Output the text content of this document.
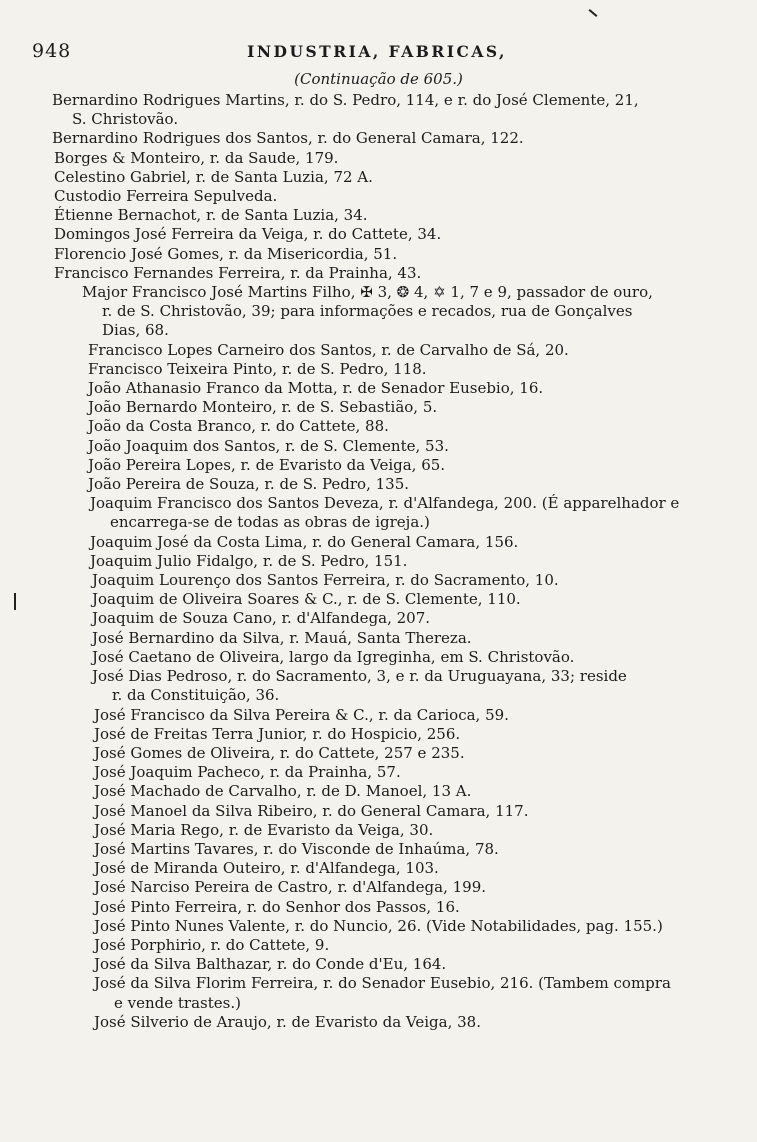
948	INDUSTRIA, FABRICAS,
(Continuação de 605.)
Bernardino Rodrigues Martins, r. do S. Pedro, 114, e r. do José Clemente, 21,
S. Christovão.
Bernardino Rodrigues dos Santos, r. do General Camara, 122.
Borges & Monteiro, r. da Saude, 179.
Celestino Gabriel, r. de Santa Luzia, 72 A.
Custodio Ferreira Sepulveda.
Étienne Bernachot, r. de Santa Luzia, 34.
Domingos José Ferreira da Veiga, r. do Cattete, 34.
Florencio José Gomes, r. da Misericordia, 51.
Francisco Fernandes Ferreira, r. da Prainha, 43.
Major Francisco José Martins Filho, ✠ 3, ❂ 4, ✡ 1, 7 e 9, passador de ouro,
r. de S. Christovão, 39; para informações e recados, rua de Gonçalves
Dias, 68.
Francisco Lopes Carneiro dos Santos, r. de Carvalho de Sá, 20.
Francisco Teixeira Pinto, r. de S. Pedro, 118.
João Athanasio Franco da Motta, r. de Senador Eusebio, 16.
João Bernardo Monteiro, r. de S. Sebastião, 5.
João da Costa Branco, r. do Cattete, 88.
João Joaquim dos Santos, r. de S. Clemente, 53.
João Pereira Lopes, r. de Evaristo da Veiga, 65.
João Pereira de Souza, r. de S. Pedro, 135.
Joaquim Francisco dos Santos Deveza, r. d'Alfandega, 200. (É apparelhador e
encarrega-se de todas as obras de igreja.)
Joaquim José da Costa Lima, r. do General Camara, 156.
Joaquim Julio Fidalgo, r. de S. Pedro, 151.
Joaquim Lourenço dos Santos Ferreira, r. do Sacramento, 10.
Joaquim de Oliveira Soares & C., r. de S. Clemente, 110.
Joaquim de Souza Cano, r. d'Alfandega, 207.
José Bernardino da Silva, r. Mauá, Santa Thereza.
José Caetano de Oliveira, largo da Igreginha, em S. Christovão.
José Dias Pedroso, r. do Sacramento, 3, e r. da Uruguayana, 33; reside
r. da Constituição, 36.
José Francisco da Silva Pereira & C., r. da Carioca, 59.
José de Freitas Terra Junior, r. do Hospicio, 256.
José Gomes de Oliveira, r. do Cattete, 257 e 235.
José Joaquim Pacheco, r. da Prainha, 57.
José Machado de Carvalho, r. de D. Manoel, 13 A.
José Manoel da Silva Ribeiro, r. do General Camara, 117.
José Maria Rego, r. de Evaristo da Veiga, 30.
José Martins Tavares, r. do Visconde de Inhaúma, 78.
José de Miranda Outeiro, r. d'Alfandega, 103.
José Narciso Pereira de Castro, r. d'Alfandega, 199.
José Pinto Ferreira, r. do Senhor dos Passos, 16.
José Pinto Nunes Valente, r. do Nuncio, 26. (Vide Notabilidades, pag. 155.)
José Porphirio, r. do Cattete, 9.
José da Silva Balthazar, r. do Conde d'Eu, 164.
José da Silva Florim Ferreira, r. do Senador Eusebio, 216. (Tambem compra
e vende trastes.)
José Silverio de Araujo, r. de Evaristo da Veiga, 38.
